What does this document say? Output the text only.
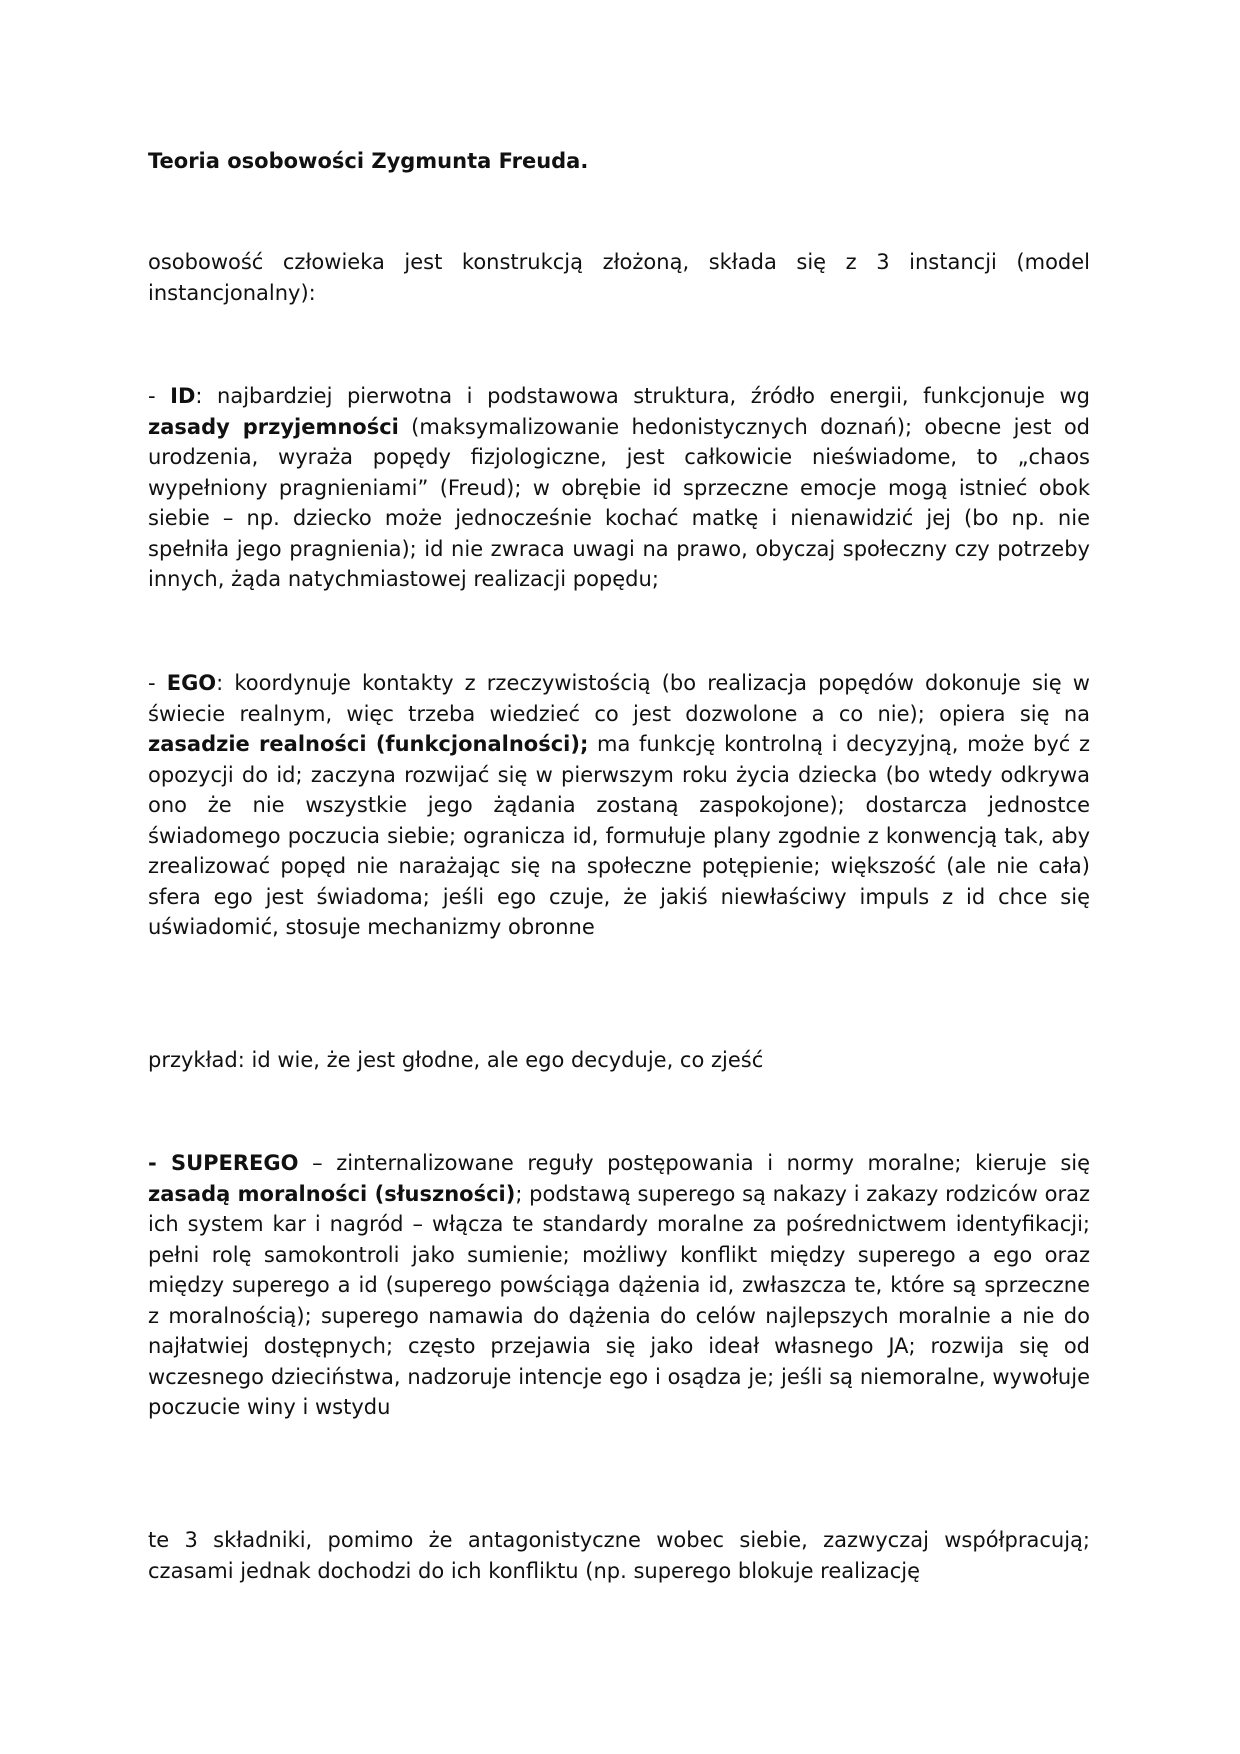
Teoria osobowości Zygmunta Freuda.

osobowość człowieka jest konstrukcją złożoną, składa się z 3 instancji (model instancjonalny):

- ID: najbardziej pierwotna i podstawowa struktura, źródło energii, funkcjonuje wg zasady przyjemności (maksymalizowanie hedonistycznych doznań); obecne jest od urodzenia, wyraża popędy fizjologiczne, jest całkowicie nieświadome, to „chaos wypełniony pragnieniami” (Freud); w obrębie id sprzeczne emocje mogą istnieć obok siebie – np. dziecko może jednocześnie kochać matkę i nienawidzić jej (bo np. nie spełniła jego pragnienia); id nie zwraca uwagi na prawo, obyczaj społeczny czy potrzeby innych, żąda natychmiastowej realizacji popędu;

- EGO: koordynuje kontakty z rzeczywistością (bo realizacja popędów dokonuje się w świecie realnym, więc trzeba wiedzieć co jest dozwolone a co nie); opiera się na zasadzie realności (funkcjonalności); ma funkcję kontrolną i decyzyjną, może być z opozycji do id; zaczyna rozwijać się w pierwszym roku życia dziecka (bo wtedy odkrywa ono że nie wszystkie jego żądania zostaną zaspokojone); dostarcza jednostce świadomego poczucia siebie; ogranicza id, formułuje plany zgodnie z konwencją tak, aby zrealizować popęd nie narażając się na społeczne potępienie; większość (ale nie cała) sfera ego jest świadoma; jeśli ego czuje, że jakiś niewłaściwy impuls z id chce się uświadomić, stosuje mechanizmy obronne

przykład: id wie, że jest głodne, ale ego decyduje, co zjeść

- SUPEREGO – zinternalizowane reguły postępowania i normy moralne; kieruje się zasadą moralności (słuszności); podstawą superego są nakazy i zakazy rodziców oraz ich system kar i nagród – włącza te standardy moralne za pośrednictwem identyfikacji; pełni rolę samokontroli jako sumienie; możliwy konflikt między superego a ego oraz między superego a id (superego powściąga dążenia id, zwłaszcza te, które są sprzeczne z moralnością); superego namawia do dążenia do celów najlepszych moralnie a nie do najłatwiej dostępnych; często przejawia się jako ideał własnego JA; rozwija się od wczesnego dzieciństwa, nadzoruje intencje ego i osądza je; jeśli są niemoralne, wywołuje poczucie winy i wstydu

te 3 składniki, pomimo że antagonistyczne wobec siebie, zazwyczaj współpracują; czasami jednak dochodzi do ich konfliktu (np. superego blokuje realizację
